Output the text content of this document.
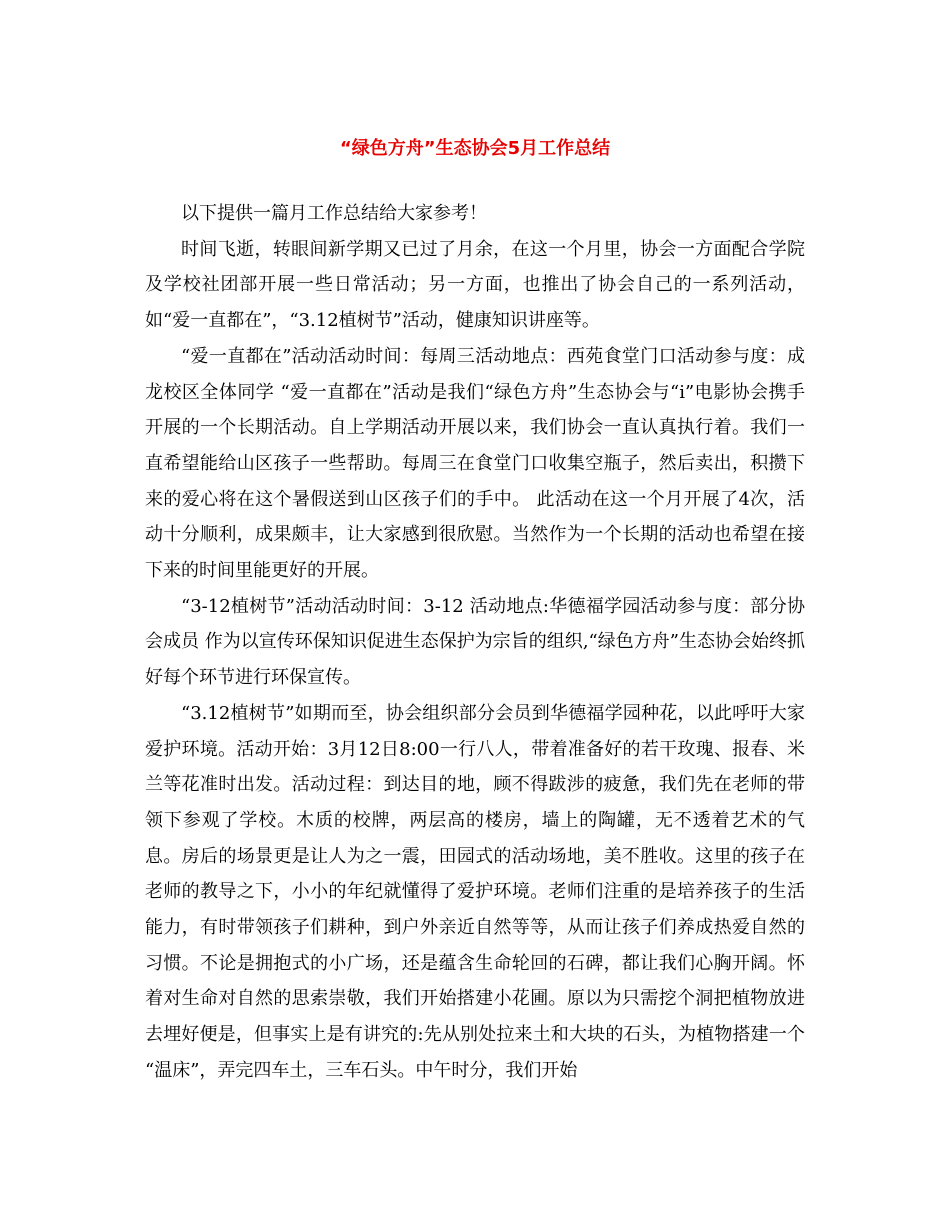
“绿色方舟”生态协会5月工作总结

以下提供一篇月工作总结给大家参考！

时间飞逝，转眼间新学期又已过了月余，在这一个月里，协会一方面配合学院及学校社团部开展一些日常活动；另一方面，也推出了协会自己的一系列活动，如“爱一直都在”，“3.12植树节”活动，健康知识讲座等。

“爱一直都在”活动活动时间：每周三活动地点：西苑食堂门口活动参与度：成龙校区全体同学 “爱一直都在”活动是我们“绿色方舟”生态协会与“i”电影协会携手开展的一个长期活动。自上学期活动开展以来，我们协会一直认真执行着。我们一直希望能给山区孩子一些帮助。每周三在食堂门口收集空瓶子，然后卖出，积攒下来的爱心将在这个暑假送到山区孩子们的手中。 此活动在这一个月开展了4次，活动十分顺利，成果颇丰，让大家感到很欣慰。当然作为一个长期的活动也希望在接下来的时间里能更好的开展。

“3-12植树节”活动活动时间：3-12 活动地点:华德福学园活动参与度：部分协会成员 作为以宣传环保知识促进生态保护为宗旨的组织,“绿色方舟”生态协会始终抓好每个环节进行环保宣传。

“3.12植树节”如期而至，协会组织部分会员到华德福学园种花，以此呼吁大家爱护环境。活动开始：3月12日8:00一行八人，带着准备好的若干玫瑰、报春、米兰等花准时出发。活动过程：到达目的地，顾不得跋涉的疲惫，我们先在老师的带领下参观了学校。木质的校牌，两层高的楼房，墙上的陶罐，无不透着艺术的气息。房后的场景更是让人为之一震，田园式的活动场地，美不胜收。这里的孩子在老师的教导之下，小小的年纪就懂得了爱护环境。老师们注重的是培养孩子的生活能力，有时带领孩子们耕种，到户外亲近自然等等，从而让孩子们养成热爱自然的习惯。不论是拥抱式的小广场，还是蕴含生命轮回的石碑，都让我们心胸开阔。怀着对生命对自然的思索崇敬，我们开始搭建小花圃。原以为只需挖个洞把植物放进去埋好便是，但事实上是有讲究的:先从别处拉来土和大块的石头，为植物搭建一个 “温床”，弄完四车土，三车石头。中午时分，我们开始
